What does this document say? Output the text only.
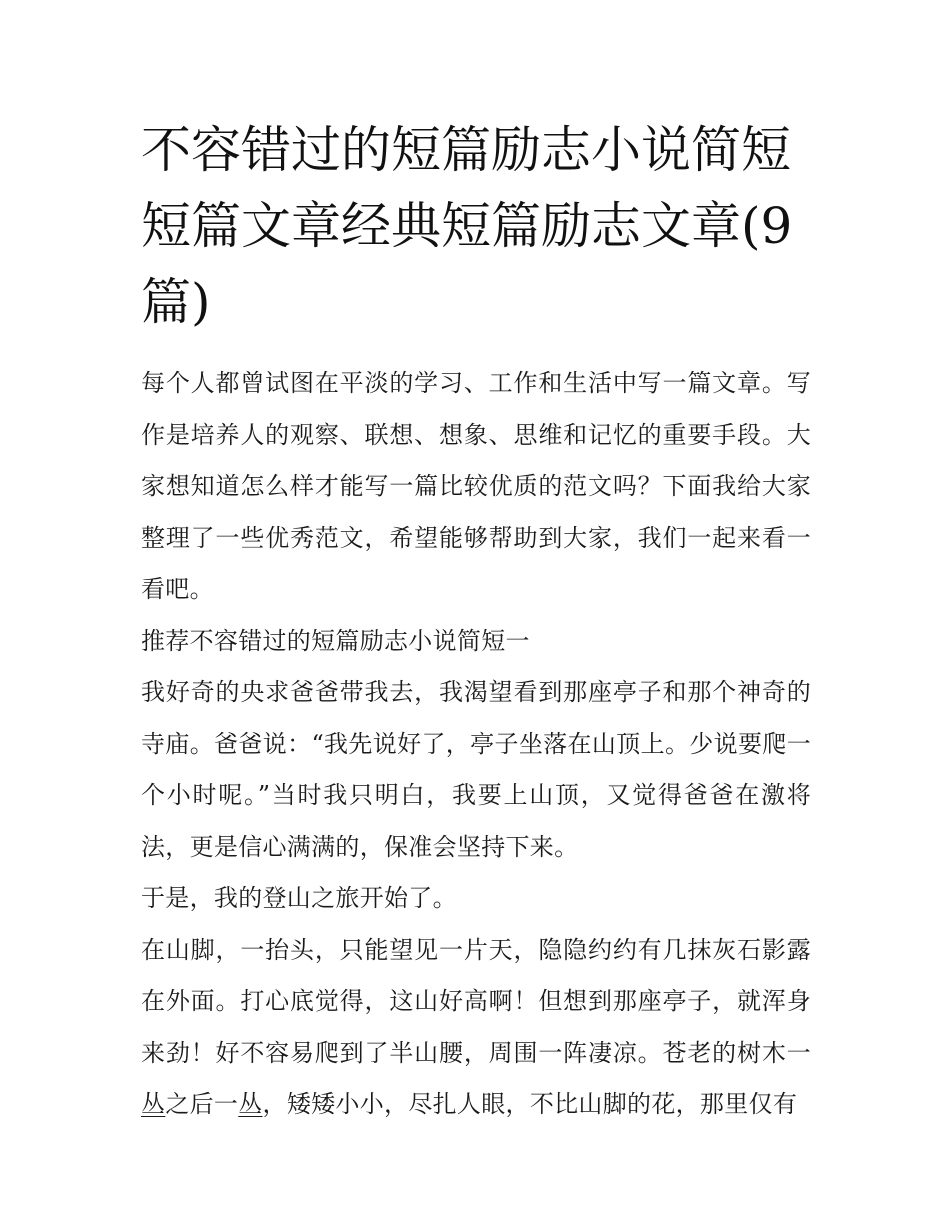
不容错过的短篇励志小说简短短篇文章经典短篇励志文章(9篇)

每个人都曾试图在平淡的学习、工作和生活中写一篇文章。写作是培养人的观察、联想、想象、思维和记忆的重要手段。大家想知道怎么样才能写一篇比较优质的范文吗？下面我给大家整理了一些优秀范文，希望能够帮助到大家，我们一起来看一看吧。

推荐不容错过的短篇励志小说简短一

我好奇的央求爸爸带我去，我渴望看到那座亭子和那个神奇的寺庙。爸爸说：“我先说好了，亭子坐落在山顶上。少说要爬一个小时呢。”当时我只明白，我要上山顶，又觉得爸爸在激将法，更是信心满满的，保准会坚持下来。

于是，我的登山之旅开始了。

在山脚，一抬头，只能望见一片天，隐隐约约有几抹灰石影露在外面。打心底觉得，这山好高啊！但想到那座亭子，就浑身来劲！好不容易爬到了半山腰，周围一阵凄凉。苍老的树木一丛之后一丛，矮矮小小，尽扎人眼，不比山脚的花，那里仅有
